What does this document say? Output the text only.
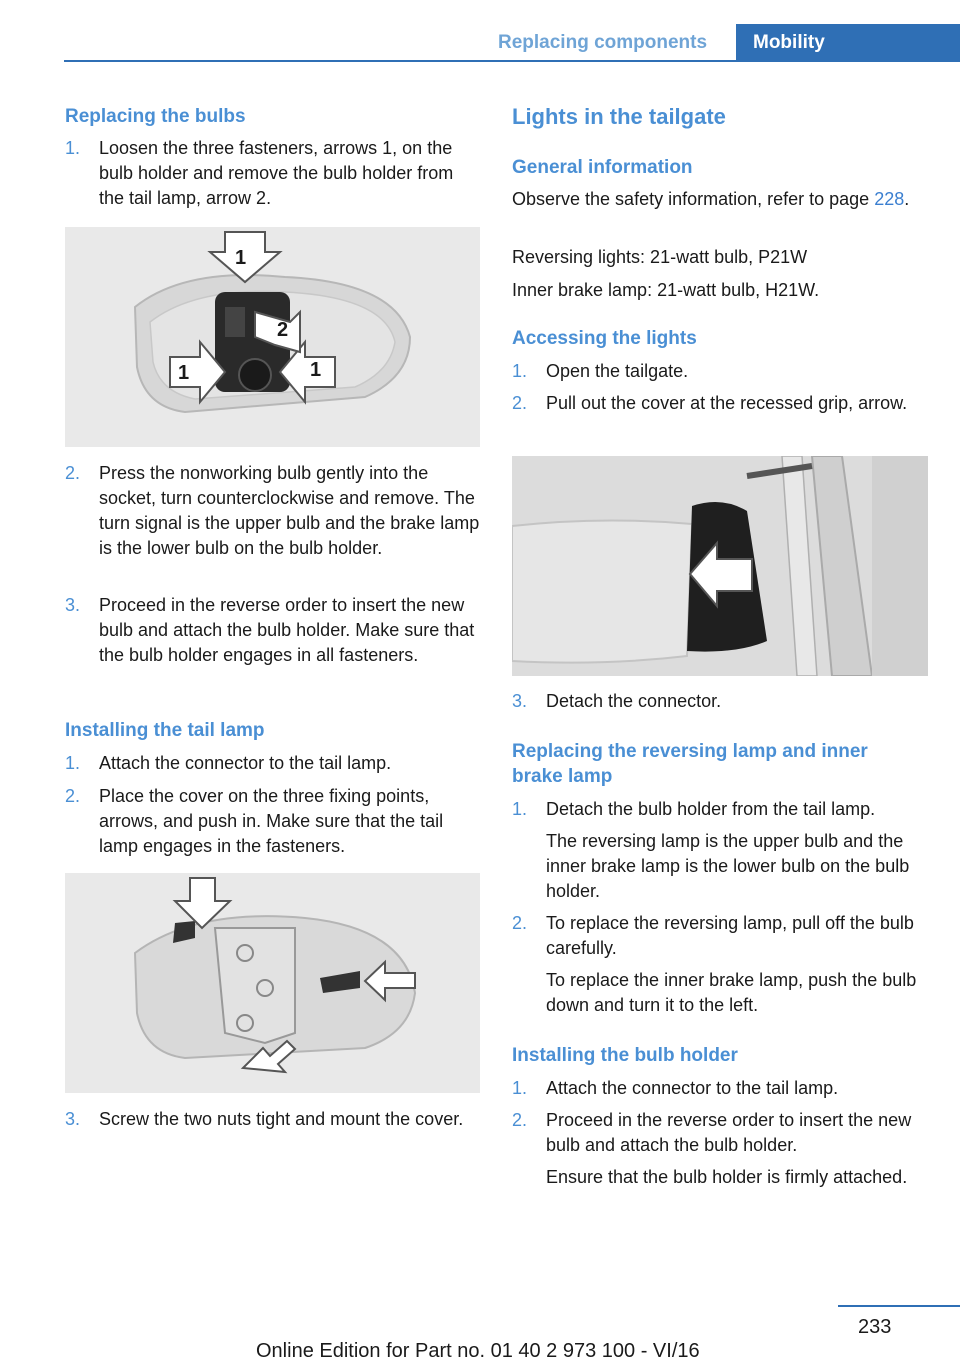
Replacing components Mobility
Replacing the bulbs
1. Loosen the three fasteners, arrows 1, on the bulb holder and remove the bulb holder from the tail lamp, arrow 2.
1
2
1	1
2. Press the nonworking bulb gently into the socket, turn counterclockwise and remove. The turn signal is the upper bulb and the brake lamp is the lower bulb on the bulb holder.
3. Proceed in the reverse order to insert the new bulb and attach the bulb holder. Make sure that the bulb holder engages in all fasteners.
Installing the tail lamp
1. Attach the connector to the tail lamp.
2. Place the cover on the three fixing points, arrows, and push in. Make sure that the tail lamp engages in the fasteners.
3. Screw the two nuts tight and mount the cover.
Lights in the tailgate
General information
Observe the safety information, refer to page 228.
Reversing lights: 21-watt bulb, P21W
Inner brake lamp: 21-watt bulb, H21W.
Accessing the lights
1. Open the tailgate.
2. Pull out the cover at the recessed grip, arrow.
3. Detach the connector.
Replacing the reversing lamp and inner brake lamp
1. Detach the bulb holder from the tail lamp.
The reversing lamp is the upper bulb and the inner brake lamp is the lower bulb on the bulb holder.
2. To replace the reversing lamp, pull off the bulb carefully.
To replace the inner brake lamp, push the bulb down and turn it to the left.
Installing the bulb holder
1. Attach the connector to the tail lamp.
2. Proceed in the reverse order to insert the new bulb and attach the bulb holder.
Ensure that the bulb holder is firmly attached.
233
Online Edition for Part no. 01 40 2 973 100 - VI/16
